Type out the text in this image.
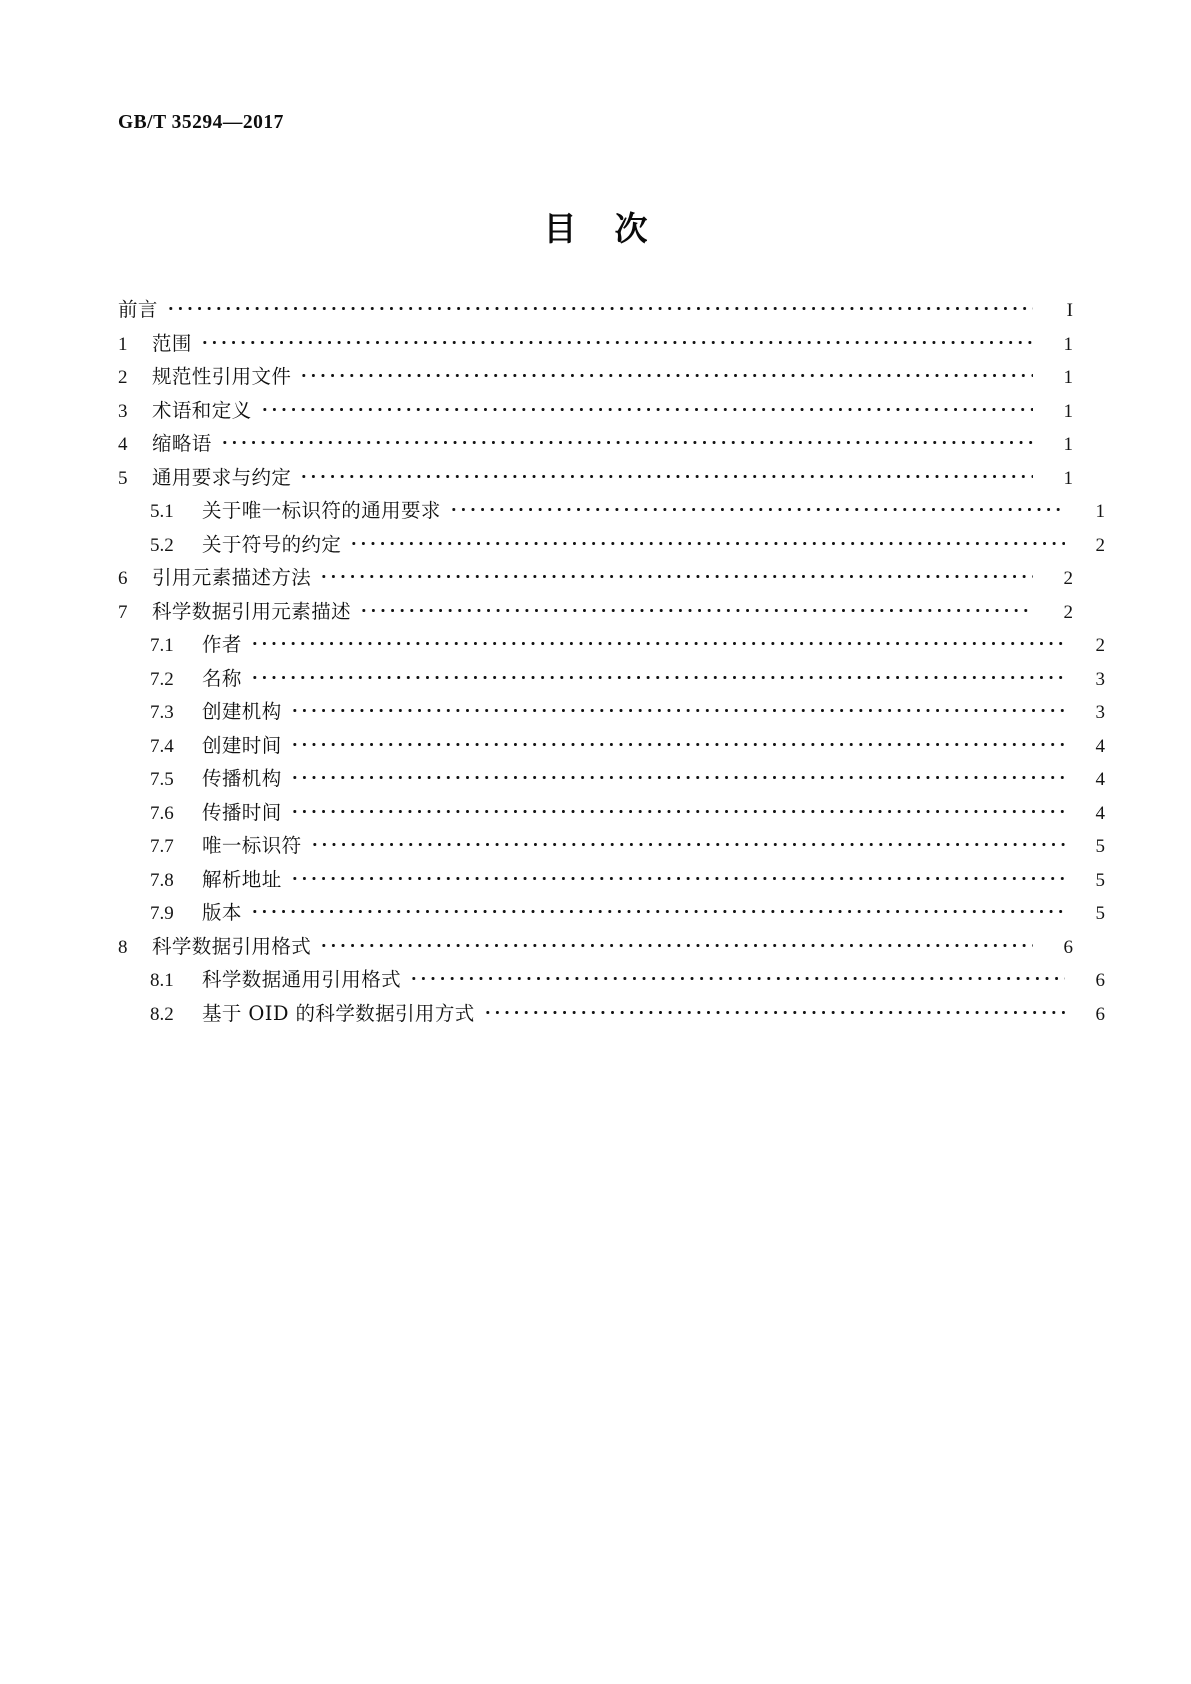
GB/T 35294—2017
目 次
前言	I
1	范围	1
2	规范性引用文件	1
3	术语和定义	1
4	缩略语	1
5	通用要求与约定	1
5.1	关于唯一标识符的通用要求	1
5.2	关于符号的约定	2
6	引用元素描述方法	2
7	科学数据引用元素描述	2
7.1	作者	2
7.2	名称	3
7.3	创建机构	3
7.4	创建时间	4
7.5	传播机构	4
7.6	传播时间	4
7.7	唯一标识符	5
7.8	解析地址	5
7.9	版本	5
8	科学数据引用格式	6
8.1	科学数据通用引用格式	6
8.2	基于 OID 的科学数据引用方式	6
